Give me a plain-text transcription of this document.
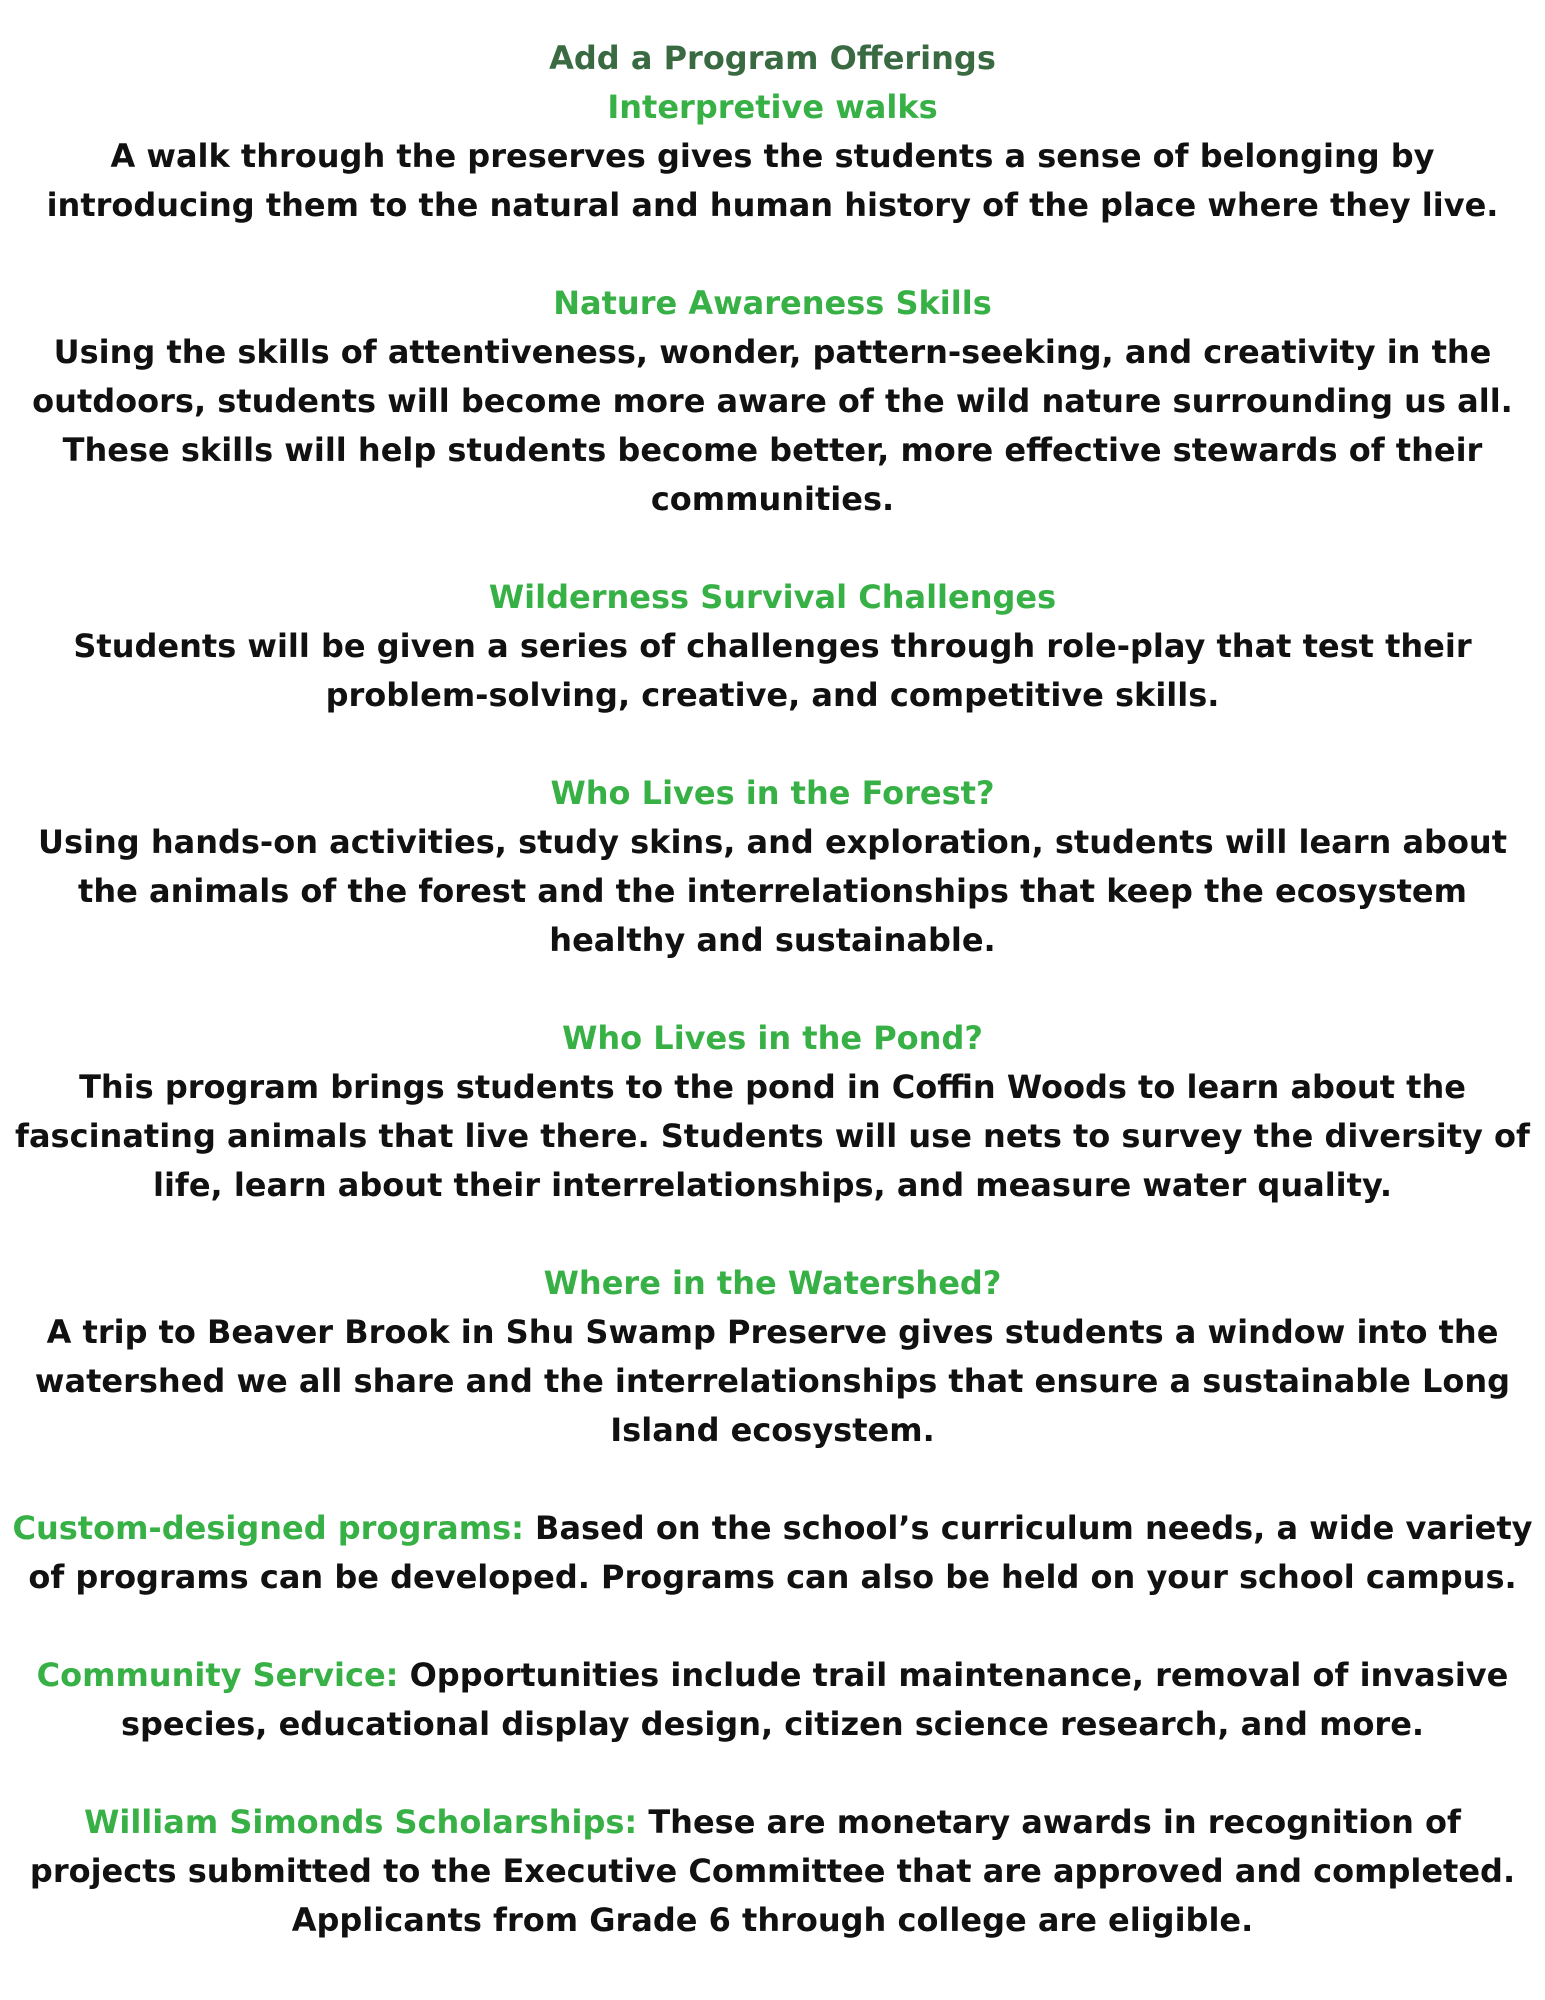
Add a Program Offerings
Interpretive walks

A walk through the preserves gives the students a sense of belonging by introducing them to the natural and human history of the place where they live.

Nature Awareness Skills

Using the skills of attentiveness, wonder, pattern-seeking, and creativity in the outdoors, students will become more aware of the wild nature surrounding us all. These skills will help students become better, more effective stewards of their communities.

Wilderness Survival Challenges

Students will be given a series of challenges through role-play that test their problem-solving, creative, and competitive skills.

Who Lives in the Forest?

Using hands-on activities, study skins, and exploration, students will learn about the animals of the forest and the interrelationships that keep the ecosystem healthy and sustainable.

Who Lives in the Pond?

This program brings students to the pond in Coffin Woods to learn about the fascinating animals that live there. Students will use nets to survey the diversity of life, learn about their interrelationships, and measure water quality.

Where in the Watershed?

A trip to Beaver Brook in Shu Swamp Preserve gives students a window into the watershed we all share and the interrelationships that ensure a sustainable Long Island ecosystem.

Custom-designed programs: Based on the school’s curriculum needs, a wide variety of programs can be developed. Programs can also be held on your school campus.

Community Service: Opportunities include trail maintenance, removal of invasive species, educational display design, citizen science research, and more.

William Simonds Scholarships: These are monetary awards in recognition of projects submitted to the Executive Committee that are approved and completed. Applicants from Grade 6 through college are eligible.
